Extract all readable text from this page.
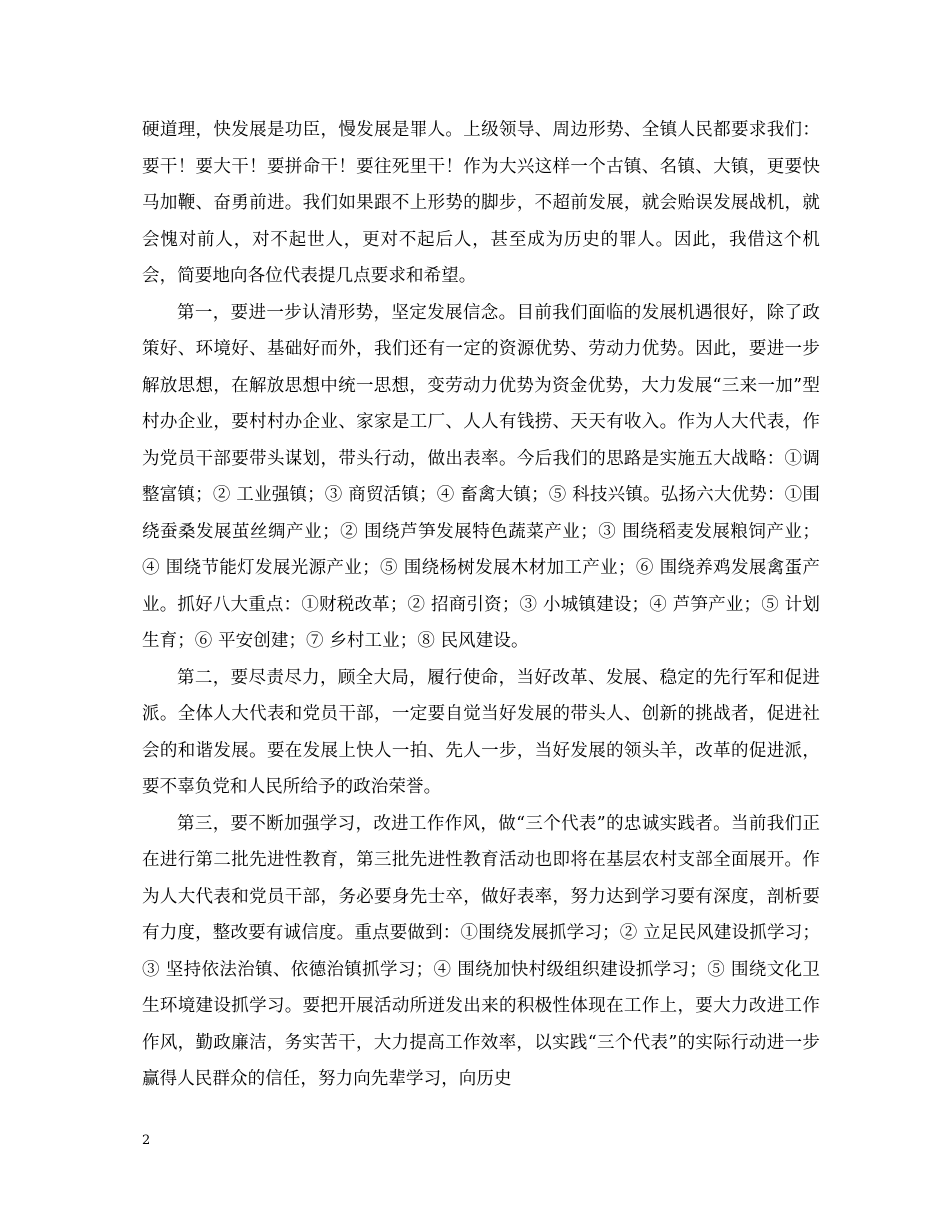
硬道理，快发展是功臣，慢发展是罪人。上级领导、周边形势、全镇人民都要求我们：要干！要大干！要拼命干！要往死里干！作为大兴这样一个古镇、名镇、大镇，更要快马加鞭、奋勇前进。我们如果跟不上形势的脚步，不超前发展，就会贻误发展战机，就会愧对前人，对不起世人，更对不起后人，甚至成为历史的罪人。因此，我借这个机会，简要地向各位代表提几点要求和希望。

第一，要进一步认清形势，坚定发展信念。目前我们面临的发展机遇很好，除了政策好、环境好、基础好而外，我们还有一定的资源优势、劳动力优势。因此，要进一步解放思想，在解放思想中统一思想，变劳动力优势为资金优势，大力发展“三来一加”型村办企业，要村村办企业、家家是工厂、人人有钱捞、天天有收入。作为人大代表，作为党员干部要带头谋划，带头行动，做出表率。今后我们的思路是实施五大战略：①调整富镇；② 工业强镇；③ 商贸活镇；④ 畜禽大镇；⑤ 科技兴镇。弘扬六大优势：①围绕蚕桑发展茧丝绸产业；② 围绕芦笋发展特色蔬菜产业；③ 围绕稻麦发展粮饲产业；④ 围绕节能灯发展光源产业；⑤ 围绕杨树发展木材加工产业；⑥ 围绕养鸡发展禽蛋产业。抓好八大重点：①财税改革；② 招商引资；③ 小城镇建设；④ 芦笋产业；⑤ 计划生育；⑥ 平安创建；⑦ 乡村工业；⑧ 民风建设。

第二，要尽责尽力，顾全大局，履行使命，当好改革、发展、稳定的先行军和促进派。全体人大代表和党员干部，一定要自觉当好发展的带头人、创新的挑战者，促进社会的和谐发展。要在发展上快人一拍、先人一步，当好发展的领头羊，改革的促进派，要不辜负党和人民所给予的政治荣誉。

第三，要不断加强学习，改进工作作风，做“三个代表”的忠诚实践者。当前我们正在进行第二批先进性教育，第三批先进性教育活动也即将在基层农村支部全面展开。作为人大代表和党员干部，务必要身先士卒，做好表率，努力达到学习要有深度，剖析要有力度，整改要有诚信度。重点要做到：①围绕发展抓学习；② 立足民风建设抓学习；③ 坚持依法治镇、依德治镇抓学习；④ 围绕加快村级组织建设抓学习；⑤ 围绕文化卫生环境建设抓学习。要把开展活动所迸发出来的积极性体现在工作上，要大力改进工作作风，勤政廉洁，务实苦干，大力提高工作效率，以实践“三个代表”的实际行动进一步赢得人民群众的信任，努力向先辈学习，向历史

2
